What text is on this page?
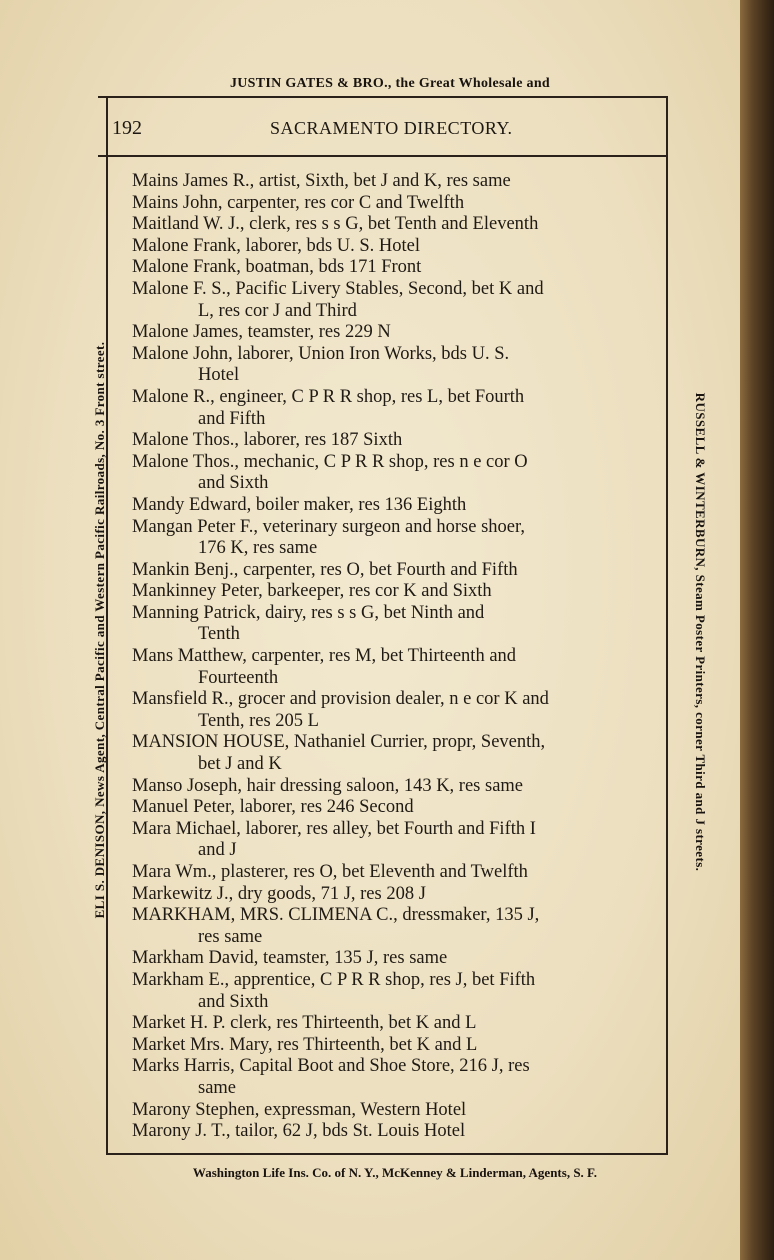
JUSTIN GATES & BRO., the Great Wholesale and
192	SACRAMENTO DIRECTORY.
Mains James R., artist, Sixth, bet J and K, res same
Mains John, carpenter, res cor C and Twelfth
Maitland W. J., clerk, res s s G, bet Tenth and Eleventh
Malone Frank, laborer, bds U. S. Hotel
Malone Frank, boatman, bds 171 Front
Malone F. S., Pacific Livery Stables, Second, bet K and
L, res cor J and Third
Malone James, teamster, res 229 N
Malone John, laborer, Union Iron Works, bds U. S.
Hotel
Malone R., engineer, C P R R shop, res L, bet Fourth
and Fifth
Malone Thos., laborer, res 187 Sixth
Malone Thos., mechanic, C P R R shop, res n e cor O
and Sixth
Mandy Edward, boiler maker, res 136 Eighth
Mangan Peter F., veterinary surgeon and horse shoer,
176 K, res same
Mankin Benj., carpenter, res O, bet Fourth and Fifth
Mankinney Peter, barkeeper, res cor K and Sixth
Manning Patrick, dairy, res s s G, bet Ninth and
Tenth
Mans Matthew, carpenter, res M, bet Thirteenth and
Fourteenth
Mansfield R., grocer and provision dealer, n e cor K and
Tenth, res 205 L
MANSION HOUSE, Nathaniel Currier, propr, Seventh,
bet J and K
Manso Joseph, hair dressing saloon, 143 K, res same
Manuel Peter, laborer, res 246 Second
Mara Michael, laborer, res alley, bet Fourth and Fifth I
and J
Mara Wm., plasterer, res O, bet Eleventh and Twelfth
Markewitz J., dry goods, 71 J, res 208 J
MARKHAM, MRS. CLIMENA C., dressmaker, 135 J,
res same
Markham David, teamster, 135 J, res same
Markham E., apprentice, C P R R shop, res J, bet Fifth
and Sixth
Market H. P. clerk, res Thirteenth, bet K and L
Market Mrs. Mary, res Thirteenth, bet K and L
Marks Harris, Capital Boot and Shoe Store, 216 J, res
same
Marony Stephen, expressman, Western Hotel
Marony J. T., tailor, 62 J, bds St. Louis Hotel
ELI S. DENISON, News Agent, Central Pacific and Western Pacific Railroads, No. 3 Front street.	RUSSELL & WINTERBURN, Steam Poster Printers, corner Third and J streets.
Washington Life Ins. Co. of N. Y., McKenney & Linderman, Agents, S. F.
